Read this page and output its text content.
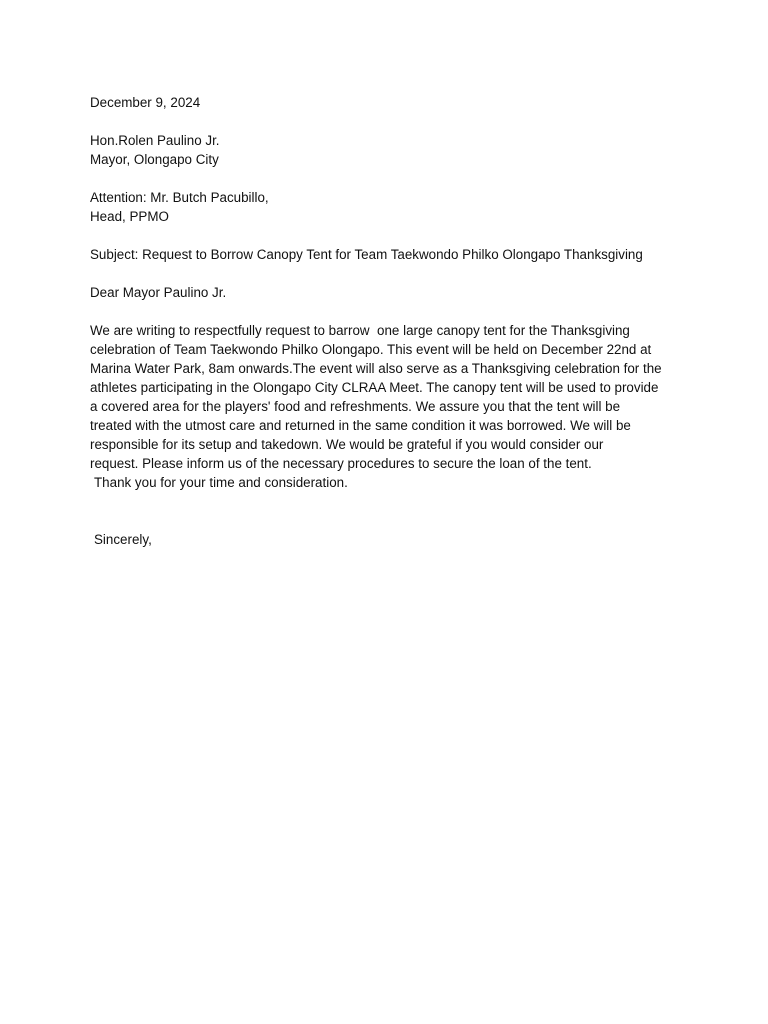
December 9, 2024
Hon.Rolen Paulino Jr.
Mayor, Olongapo City
Attention: Mr. Butch Pacubillo,
Head, PPMO
Subject: Request to Borrow Canopy Tent for Team Taekwondo Philko Olongapo Thanksgiving
Dear Mayor Paulino Jr.
We are writing to respectfully request to barrow  one large canopy tent for the Thanksgiving
celebration of Team Taekwondo Philko Olongapo. This event will be held on December 22nd at
Marina Water Park, 8am onwards.The event will also serve as a Thanksgiving celebration for the
athletes participating in the Olongapo City CLRAA Meet. The canopy tent will be used to provide
a covered area for the players' food and refreshments. We assure you that the tent will be
treated with the utmost care and returned in the same condition it was borrowed. We will be
responsible for its setup and takedown. We would be grateful if you would consider our
request. Please inform us of the necessary procedures to secure the loan of the tent.
Thank you for your time and consideration.
Sincerely,
